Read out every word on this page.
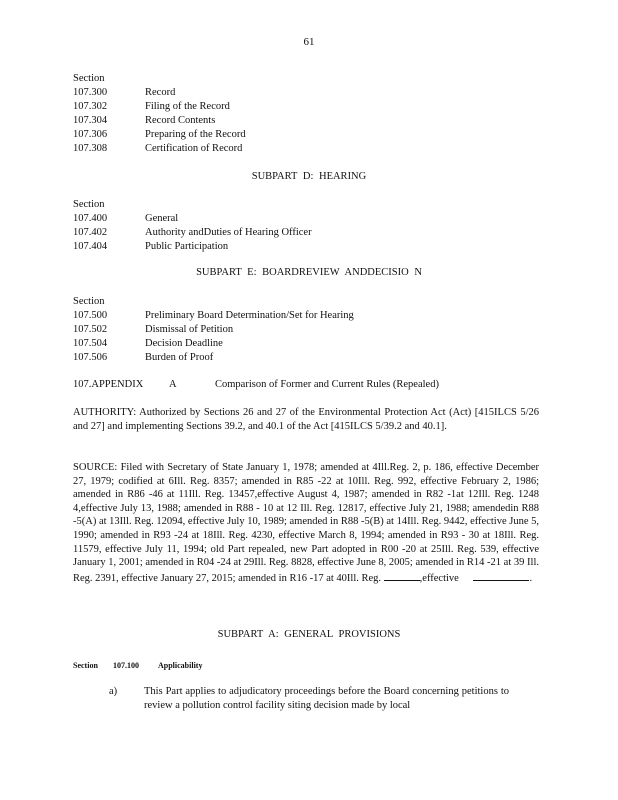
61
Section
107.300	Record
107.302	Filing of the Record
107.304	Record Contents
107.306	Preparing of the Record
107.308	Certification of Record
SUBPART D: HEARING
Section
107.400	General
107.402	Authority andDuties of Hearing Officer
107.404	Public Participation
SUBPART E: BOARDREVIEW ANDDECISIO N
Section
107.500	Preliminary Board Determination/Set for Hearing
107.502	Dismissal of Petition
107.504	Decision Deadline
107.506	Burden of Proof
107.APPENDIX A	Comparison of Former and Current Rules (Repealed)
AUTHORITY: Authorized by Sections 26 and 27 of the Environmental Protection Act (Act) [415ILCS 5/26 and 27] and implementing Sections 39.2, and 40.1 of the Act [415ILCS 5/39.2 and 40.1].
SOURCE: Filed with Secretary of State January 1, 1978; amended at 4Ill.Reg. 2, p. 186, effective December 27, 1979; codified at 6Ill. Reg. 8357; amended in R85 -22 at 10Ill. Reg. 992, effective February 2, 1986; amended in R86 -46 at 11Ill. Reg. 13457,effective August 4, 1987; amended in R82 -1at 12Ill. Reg. 1248 4,effective July 13, 1988; amended in R88 - 10 at 12 Ill. Reg. 12817, effective July 21, 1988; amendedin R88 -5(A) at 13Ill. Reg. 12094, effective July 10, 1989; amended in R88 -5(B) at 14Ill. Reg. 9442, effective June 5, 1990; amended in R93 -24 at 18Ill. Reg. 4230, effective March 8, 1994; amended in R93 - 30 at 18Ill. Reg. 11579, effective July 11, 1994; old Part repealed, new Part adopted in R00 -20 at 25Ill. Reg. 539, effective January 1, 2001; amended in R04 -24 at 29Ill. Reg. 8828, effective June 8, 2005; amended in R14 -21 at 39 Ill. Reg. 2391, effective January 27, 2015; amended in R16 -17 at 40Ill. Reg.	,effective	.
SUBPART A: GENERAL PROVISIONS
Section 107.100 Applicability
a)	This Part applies to adjudicatory proceedings before the Board concerning petitions to review a pollution control facility siting decision made by local
